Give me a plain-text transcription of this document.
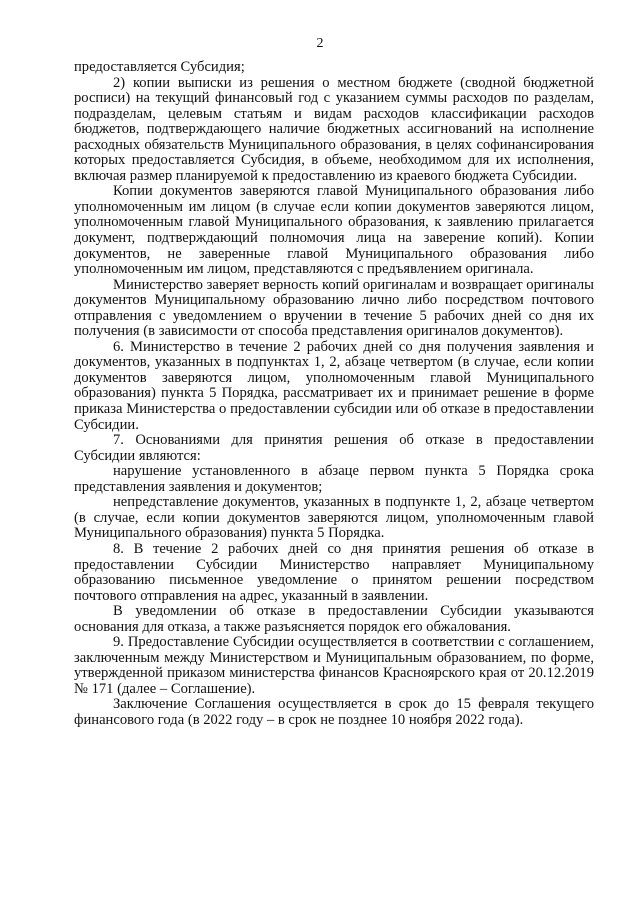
2

предоставляется Субсидия;

2) копии выписки из решения о местном бюджете (сводной бюджетной росписи) на текущий финансовый год с указанием суммы расходов по разделам, подразделам, целевым статьям и видам расходов классификации расходов бюджетов, подтверждающего наличие бюджетных ассигнований на исполнение расходных обязательств Муниципального образования, в целях софинансирования которых предоставляется Субсидия, в объеме, необходимом для их исполнения, включая размер планируемой к предоставлению из краевого бюджета Субсидии.

Копии документов заверяются главой Муниципального образования либо уполномоченным им лицом (в случае если копии документов заверяются лицом, уполномоченным главой Муниципального образования, к заявлению прилагается документ, подтверждающий полномочия лица на заверение копий). Копии документов, не заверенные главой Муниципального образования либо уполномоченным им лицом, представляются с предъявлением оригинала.

Министерство заверяет верность копий оригиналам и возвращает оригиналы документов Муниципальному образованию лично либо посредством почтового отправления с уведомлением о вручении в течение 5 рабочих дней со дня их получения (в зависимости от способа представления оригиналов документов).

6. Министерство в течение 2 рабочих дней со дня получения заявления и документов, указанных в подпунктах 1, 2, абзаце четвертом (в случае, если копии документов заверяются лицом, уполномоченным главой Муниципального образования) пункта 5 Порядка, рассматривает их и принимает решение в форме приказа Министерства о предоставлении субсидии или об отказе в предоставлении Субсидии.

7. Основаниями для принятия решения об отказе в предоставлении Субсидии являются:

нарушение установленного в абзаце первом пункта 5 Порядка срока представления заявления и документов;

непредставление документов, указанных в подпункте 1, 2, абзаце четвертом (в случае, если копии документов заверяются лицом, уполномоченным главой Муниципального образования) пункта 5 Порядка.

8. В течение 2 рабочих дней со дня принятия решения об отказе в предоставлении Субсидии Министерство направляет Муниципальному образованию письменное уведомление о принятом решении посредством почтового отправления на адрес, указанный в заявлении.

В уведомлении об отказе в предоставлении Субсидии указываются основания для отказа, а также разъясняется порядок его обжалования.

9. Предоставление Субсидии осуществляется в соответствии с соглашением, заключенным между Министерством и Муниципальным образованием, по форме, утвержденной приказом министерства финансов Красноярского края от 20.12.2019 № 171 (далее – Соглашение).

Заключение Соглашения осуществляется в срок до 15 февраля текущего финансового года (в 2022 году – в срок не позднее 10 ноября 2022 года).
